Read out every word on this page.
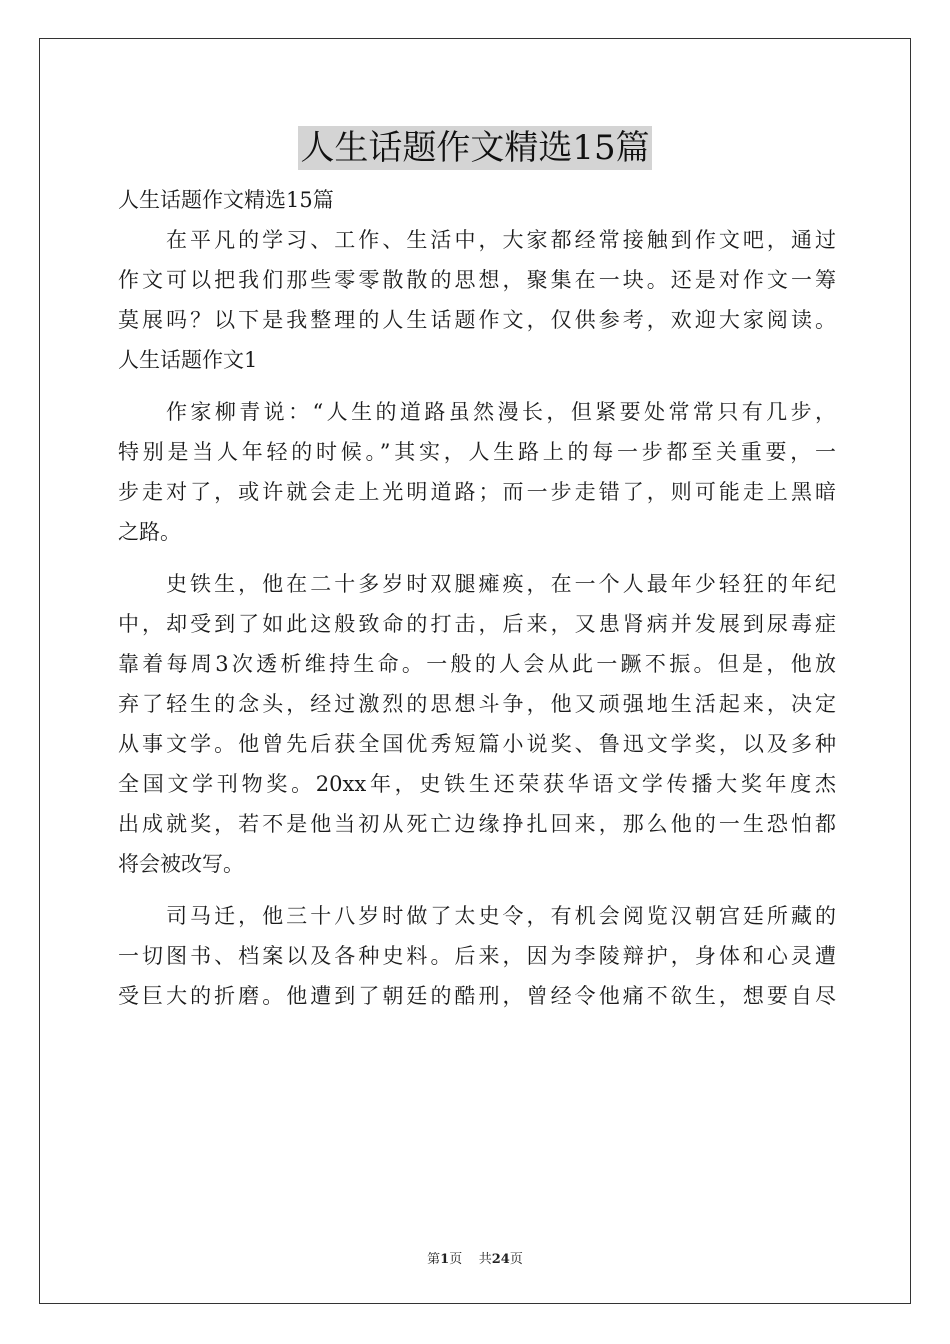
人生话题作文精选15篇
人生话题作文精选15篇
在平凡的学习、工作、生活中，大家都经常接触到作文吧，通过
作文可以把我们那些零零散散的思想，聚集在一块。还是对作文一筹
莫展吗？以下是我整理的人生话题作文，仅供参考，欢迎大家阅读。
人生话题作文1
作家柳青说：“人生的道路虽然漫长，但紧要处常常只有几步，
特别是当人年轻的时候。”其实，人生路上的每一步都至关重要，一
步走对了，或许就会走上光明道路；而一步走错了，则可能走上黑暗
之路。
史铁生，他在二十多岁时双腿瘫痪，在一个人最年少轻狂的年纪
中，却受到了如此这般致命的打击，后来，又患肾病并发展到尿毒症
靠着每周3次透析维持生命。一般的人会从此一蹶不振。但是，他放
弃了轻生的念头，经过激烈的思想斗争，他又顽强地生活起来，决定
从事文学。他曾先后获全国优秀短篇小说奖、鲁迅文学奖，以及多种
全国文学刊物奖。20xx年，史铁生还荣获华语文学传播大奖年度杰
出成就奖，若不是他当初从死亡边缘挣扎回来，那么他的一生恐怕都
将会被改写。
司马迁，他三十八岁时做了太史令，有机会阅览汉朝宫廷所藏的
一切图书、档案以及各种史料。后来，因为李陵辩护，身体和心灵遭
受巨大的折磨。他遭到了朝廷的酷刑，曾经令他痛不欲生，想要自尽
第1页 共24页
